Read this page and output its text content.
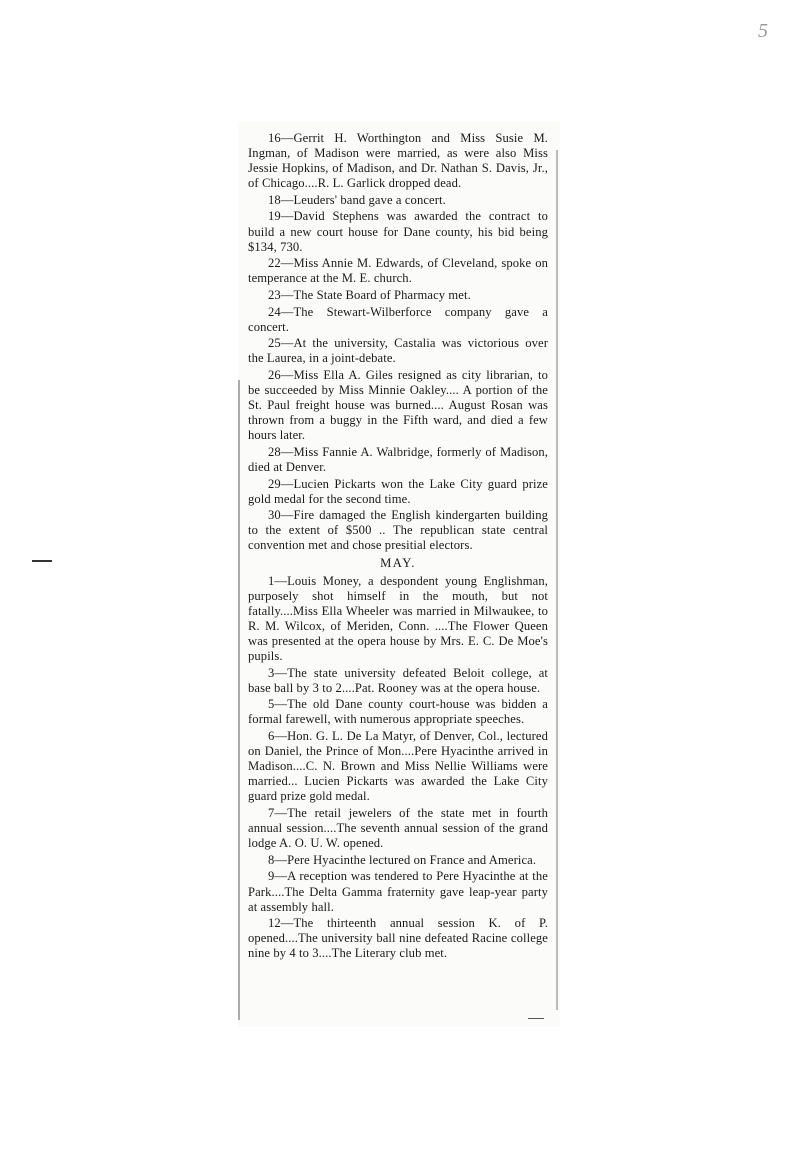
5

16—Gerrit H. Worthington and Miss Susie M. Ingman, of Madison were married, as were also Miss Jessie Hopkins, of Madison, and Dr. Nathan S. Davis, Jr., of Chicago....R. L. Garlick dropped dead.

18—Leuders' band gave a concert.

19—David Stephens was awarded the contract to build a new court house for Dane county, his bid being $134, 730.

22—Miss Annie M. Edwards, of Cleveland, spoke on temperance at the M. E. church.

23—The State Board of Pharmacy met.

24—The Stewart-Wilberforce company gave a concert.

25—At the university, Castalia was victorious over the Laurea, in a joint-debate.

26—Miss Ella A. Giles resigned as city librarian, to be succeeded by Miss Minnie Oakley.... A portion of the St. Paul freight house was burned.... August Rosan was thrown from a buggy in the Fifth ward, and died a few hours later.

28—Miss Fannie A. Walbridge, formerly of Madison, died at Denver.

29—Lucien Pickarts won the Lake City guard prize gold medal for the second time.

30—Fire damaged the English kindergarten building to the extent of $500 .. The republican state central convention met and chose presitial electors.

MAY.

1—Louis Money, a despondent young Englishman, purposely shot himself in the mouth, but not fatally....Miss Ella Wheeler was married in Milwaukee, to R. M. Wilcox, of Meriden, Conn. ....The Flower Queen was presented at the opera house by Mrs. E. C. De Moe's pupils.

3—The state university defeated Beloit college, at base ball by 3 to 2....Pat. Rooney was at the opera house.

5—The old Dane county court-house was bidden a formal farewell, with numerous appropriate speeches.

6—Hon. G. L. De La Matyr, of Denver, Col., lectured on Daniel, the Prince of Mon....Pere Hyacinthe arrived in Madison....C. N. Brown and Miss Nellie Williams were married... Lucien Pickarts was awarded the Lake City guard prize gold medal.

7—The retail jewelers of the state met in fourth annual session....The seventh annual session of the grand lodge A. O. U. W. opened.

8—Pere Hyacinthe lectured on France and America.

9—A reception was tendered to Pere Hyacinthe at the Park....The Delta Gamma fraternity gave leap-year party at assembly hall.

12—The thirteenth annual session K. of P. opened....The university ball nine defeated Racine college nine by 4 to 3....The Literary club met.
